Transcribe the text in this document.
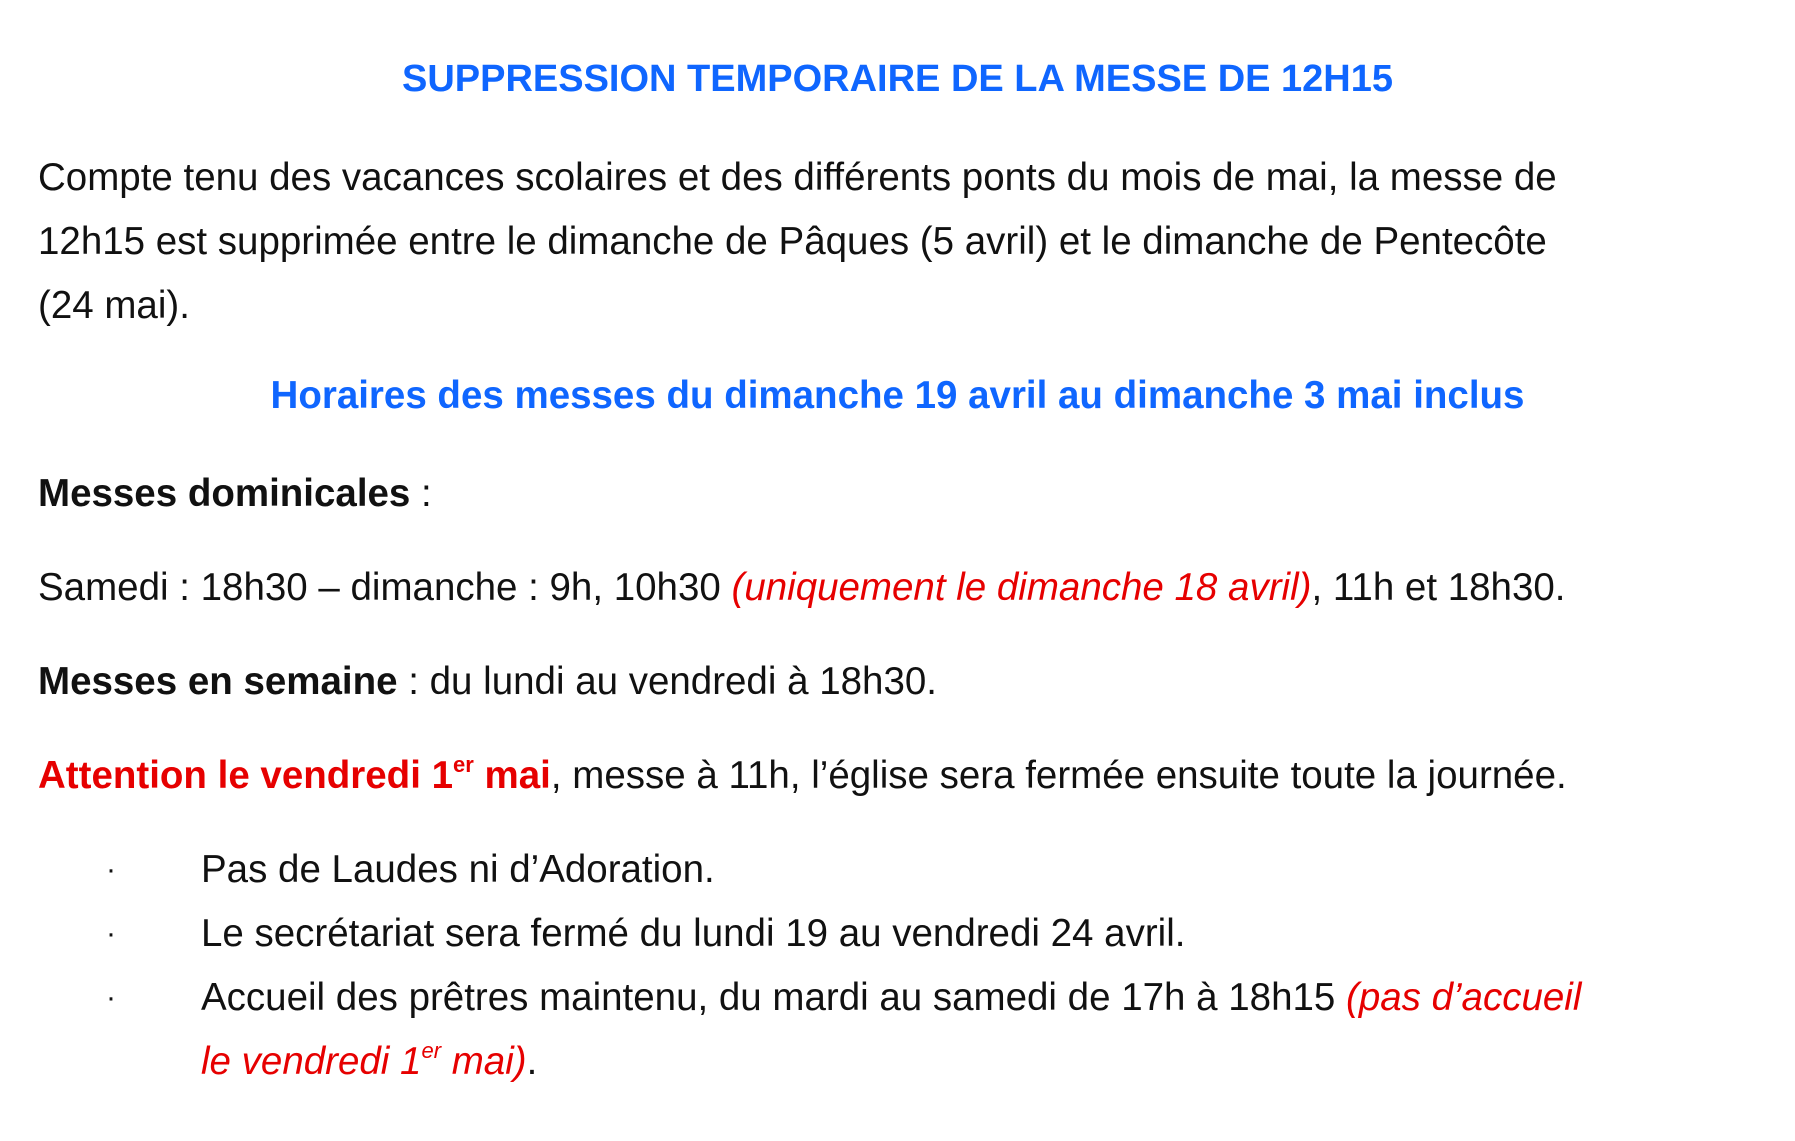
SUPPRESSION TEMPORAIRE DE LA MESSE DE 12H15
Compte tenu des vacances scolaires et des différents ponts du mois de mai, la messe de
12h15 est supprimée entre le dimanche de Pâques (5 avril) et le dimanche de Pentecôte
(24 mai).
Horaires des messes du dimanche 19 avril au dimanche 3 mai inclus
Messes dominicales :
Samedi : 18h30 – dimanche : 9h, 10h30 (uniquement le dimanche 18 avril), 11h et 18h30.
Messes en semaine : du lundi au vendredi à 18h30.
Attention le vendredi 1er mai, messe à 11h, l’église sera fermée ensuite toute la journée.
· Pas de Laudes ni d’Adoration.
· Le secrétariat sera fermé du lundi 19 au vendredi 24 avril.
· Accueil des prêtres maintenu, du mardi au samedi de 17h à 18h15 (pas d’accueil
le vendredi 1er mai).
